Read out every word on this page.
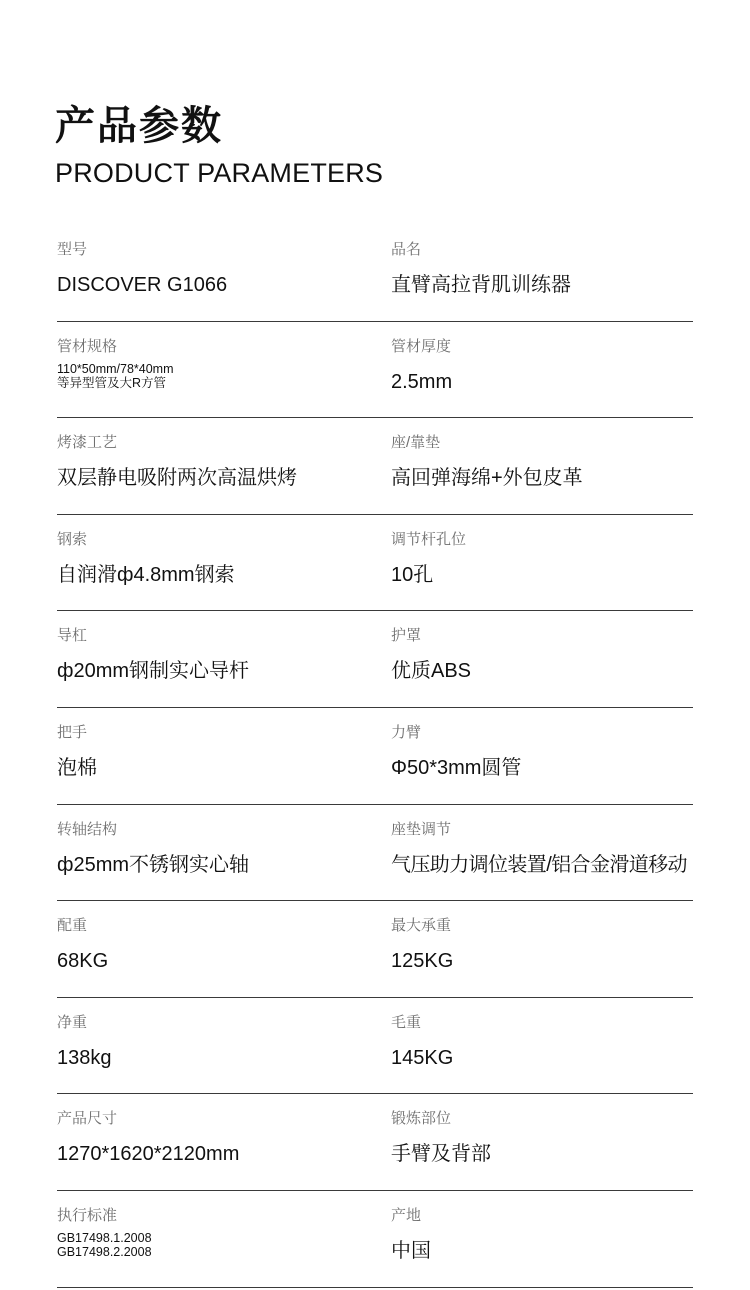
产品参数
PRODUCT PARAMETERS
型号
DISCOVER G1066
品名
直臂高拉背肌训练器
管材规格
110*50mm/78*40mm
等异型管及大R方管
管材厚度
2.5mm
烤漆工艺
双层静电吸附两次高温烘烤
座/靠垫
高回弹海绵+外包皮革
钢索
自润滑ф4.8mm钢索
调节杆孔位
10孔
导杠
ф20mm钢制实心导杆
护罩
优质ABS
把手
泡棉
力臂
Φ50*3mm圆管
转轴结构
ф25mm不锈钢实心轴
座垫调节
气压助力调位装置/铝合金滑道移动
配重
68KG
最大承重
125KG
净重
138kg
毛重
145KG
产品尺寸
1270*1620*2120mm
锻炼部位
手臂及背部
执行标准
GB17498.1.2008
GB17498.2.2008
产地
中国
